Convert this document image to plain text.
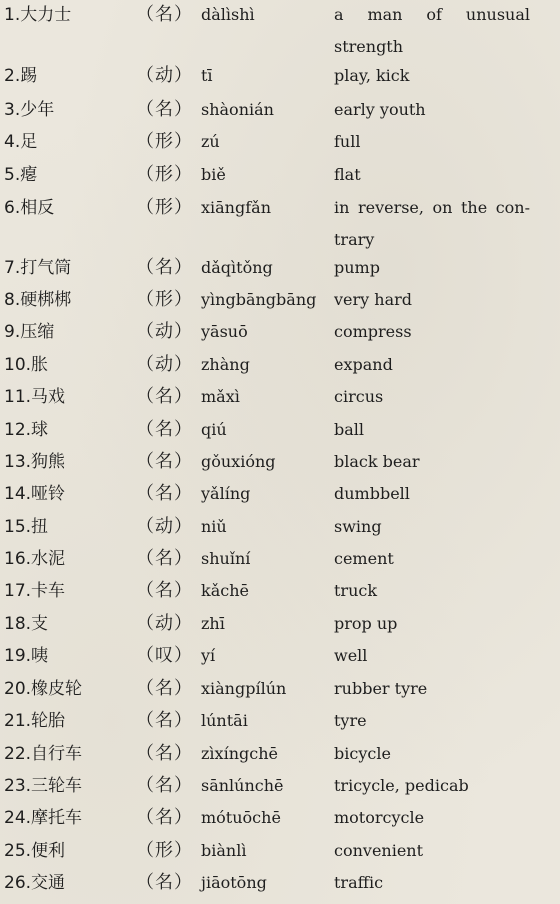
1.大力士	（名） dàlìshì	a man of unusual
strength
2.踢	（动） tī	play, kick
3.少年	（名） shàonián	early youth
4.足	（形） zú	full
5.瘪	（形） biě	flat
6.相反	（形） xiāngfǎn	in reverse, on the con-
trary
7.打气筒	（名） dǎqìtǒng	pump
8.硬梆梆	（形） yìngbāngbāng very hard
9.压缩	（动） yāsuō	compress
10.胀	（动） zhàng	expand
11.马戏	（名） mǎxì	circus
12.球	（名） qiú	ball
13.狗熊	（名） gǒuxióng	black bear
14.哑铃	（名） yǎlíng	dumbbell
15.扭	（动） niǔ	swing
16.水泥	（名） shuǐní	cement
17.卡车	（名） kǎchē	truck
18.支	（动） zhī	prop up
19.咦	（叹） yí	well
20.橡皮轮	（名） xiàngpílún	rubber tyre
21.轮胎	（名） lúntāi	tyre
22.自行车	（名） zìxíngchē	bicycle
23.三轮车	（名） sānlúnchē	tricycle, pedicab
24.摩托车	（名） mótuōchē	motorcycle
25.便利	（形） biànlì	convenient
26.交通	（名） jiāotōng	traffic
